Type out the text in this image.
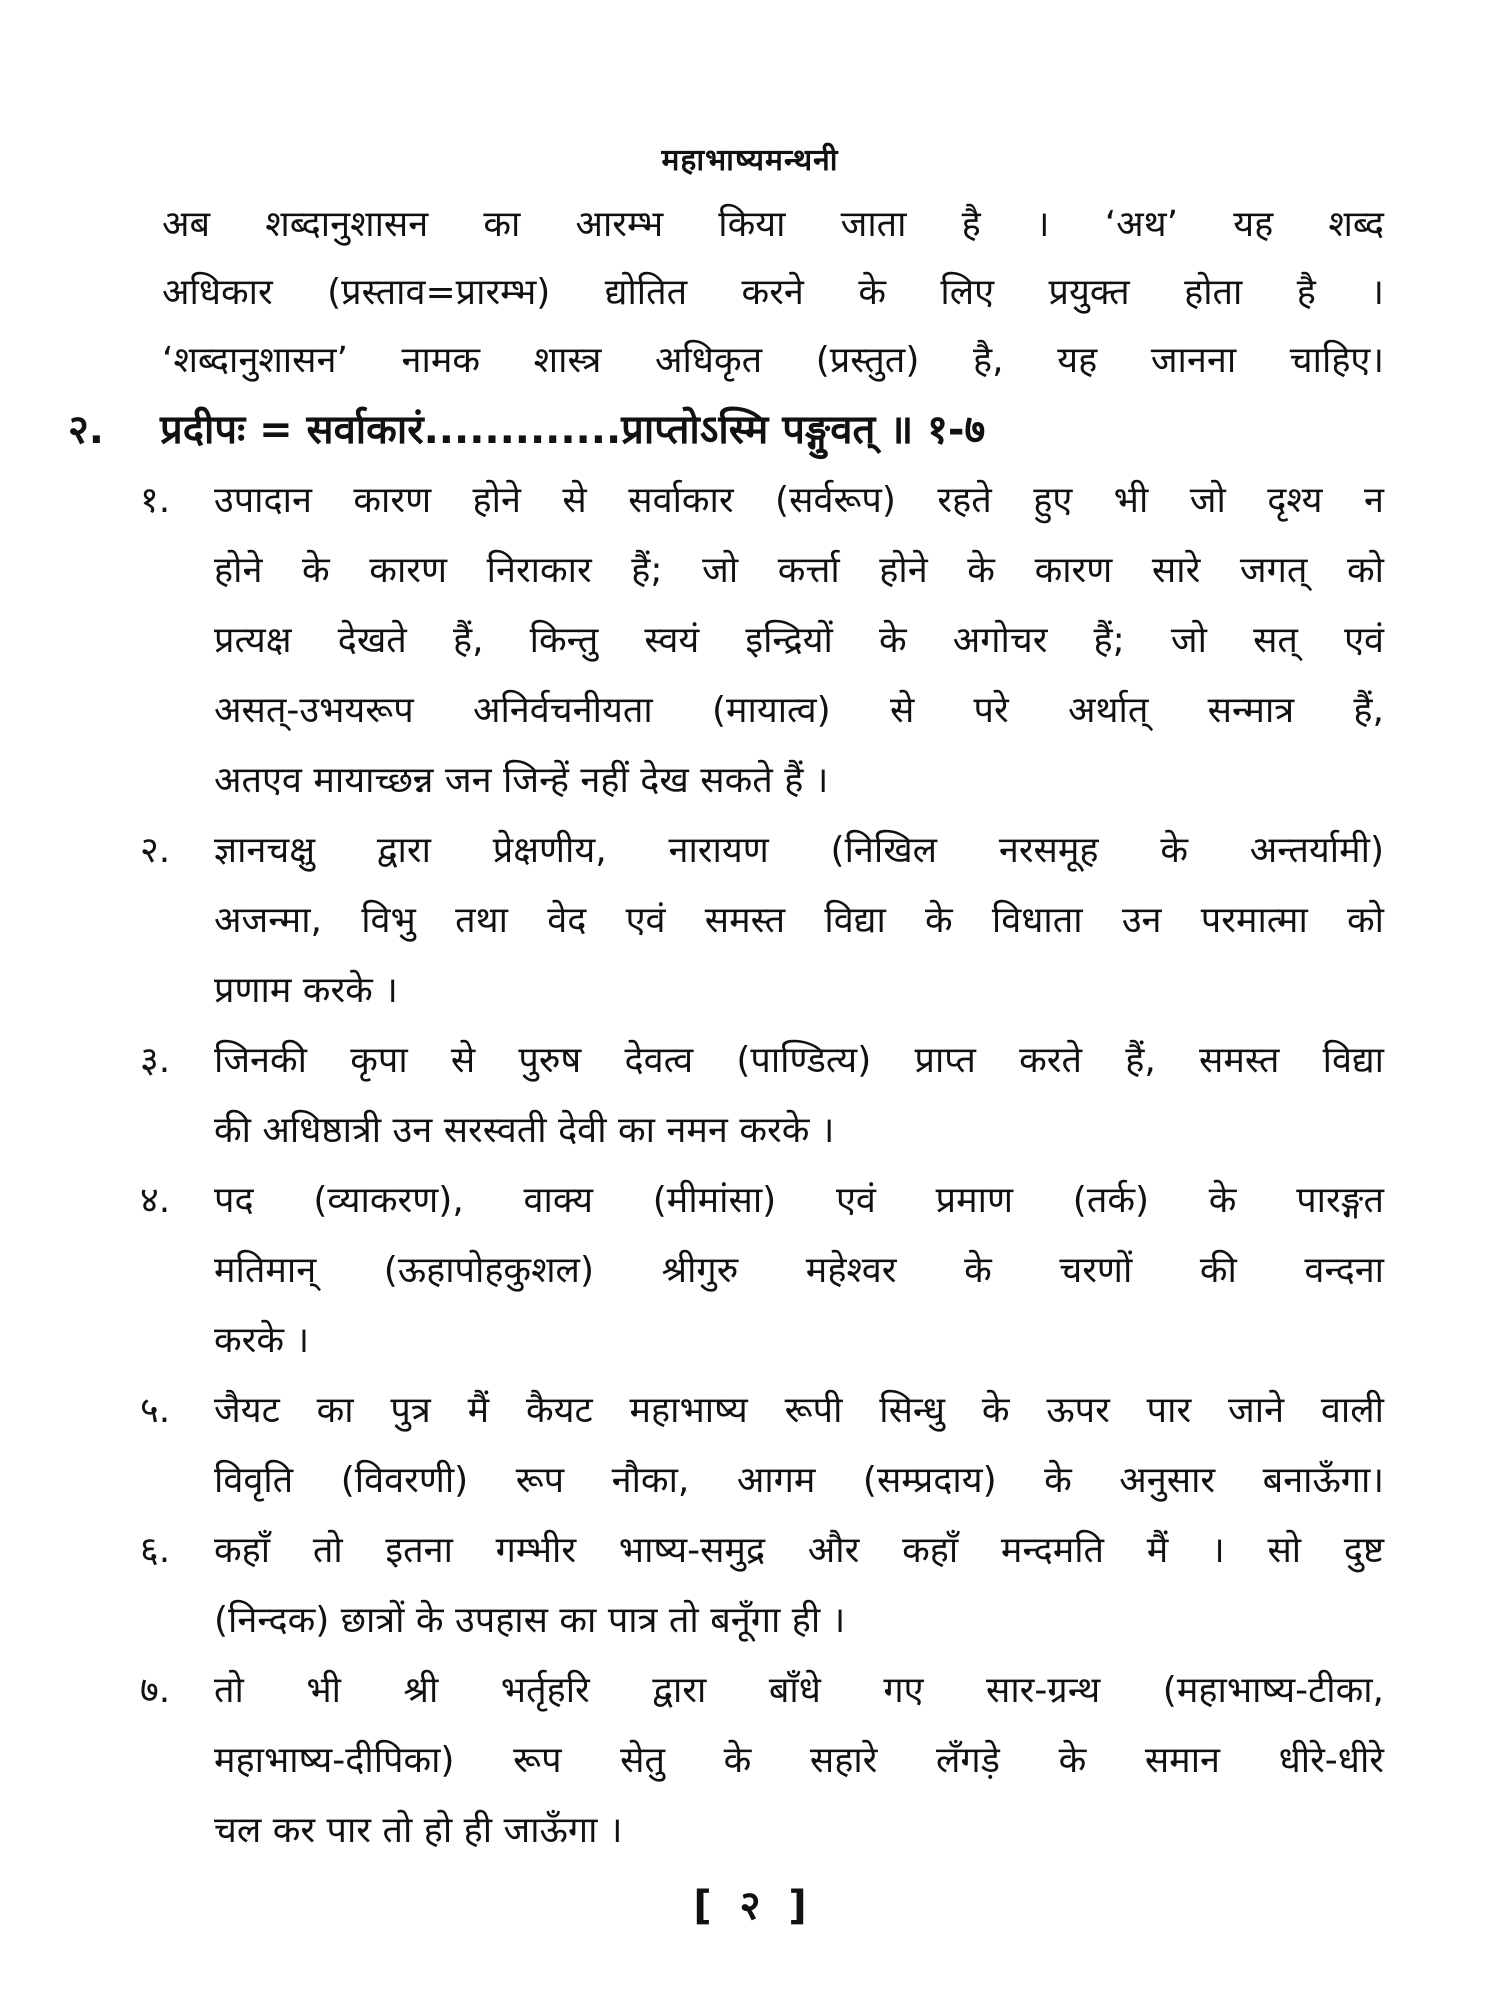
महाभाष्यमन्थनी
अब शब्दानुशासन का आरम्भ किया जाता है । ‘अथ’ यह शब्द
अधिकार (प्रस्ताव=प्रारम्भ) द्योतित करने के लिए प्रयुक्त होता है ।
‘शब्दानुशासन’ नामक शास्त्र अधिकृत (प्रस्तुत) है, यह जानना चाहिए।
२. प्रदीपः = सर्वाकारं.............प्राप्तोऽस्मि पङ्गुवत् ॥ १-७
१.	उपादान कारण होने से सर्वाकार (सर्वरूप) रहते हुए भी जो दृश्य न
होने के कारण निराकार हैं; जो कर्त्ता होने के कारण सारे जगत् को
प्रत्यक्ष देखते हैं, किन्तु स्वयं इन्द्रियों के अगोचर हैं; जो सत् एवं
असत्-उभयरूप अनिर्वचनीयता (मायात्व) से परे अर्थात् सन्मात्र हैं,
अतएव मायाच्छन्न जन जिन्हें नहीं देख सकते हैं ।
२.	ज्ञानचक्षु द्वारा प्रेक्षणीय, नारायण (निखिल नरसमूह के अन्तर्यामी)
अजन्मा, विभु तथा वेद एवं समस्त विद्या के विधाता उन परमात्मा को
प्रणाम करके ।
३.	जिनकी कृपा से पुरुष देवत्व (पाण्डित्य) प्राप्त करते हैं, समस्त विद्या
की अधिष्ठात्री उन सरस्वती देवी का नमन करके ।
४.	पद (व्याकरण), वाक्य (मीमांसा) एवं प्रमाण (तर्क) के पारङ्गत
मतिमान् (ऊहापोहकुशल) श्रीगुरु महेश्वर के चरणों की वन्दना
करके ।
५.	जैयट का पुत्र मैं कैयट महाभाष्य रूपी सिन्धु के ऊपर पार जाने वाली
विवृति (विवरणी) रूप नौका, आगम (सम्प्रदाय) के अनुसार बनाऊँगा।
६.	कहाँ तो इतना गम्भीर भाष्य-समुद्र और कहाँ मन्दमति मैं । सो दुष्ट
(निन्दक) छात्रों के उपहास का पात्र तो बनूँगा ही ।
७.	तो भी श्री भर्तृहरि द्वारा बाँधे गए सार-ग्रन्थ (महाभाष्य-टीका,
महाभाष्य-दीपिका) रूप सेतु के सहारे लँगड़े के समान धीरे-धीरे
चल कर पार तो हो ही जाऊँगा ।
[ २ ]
